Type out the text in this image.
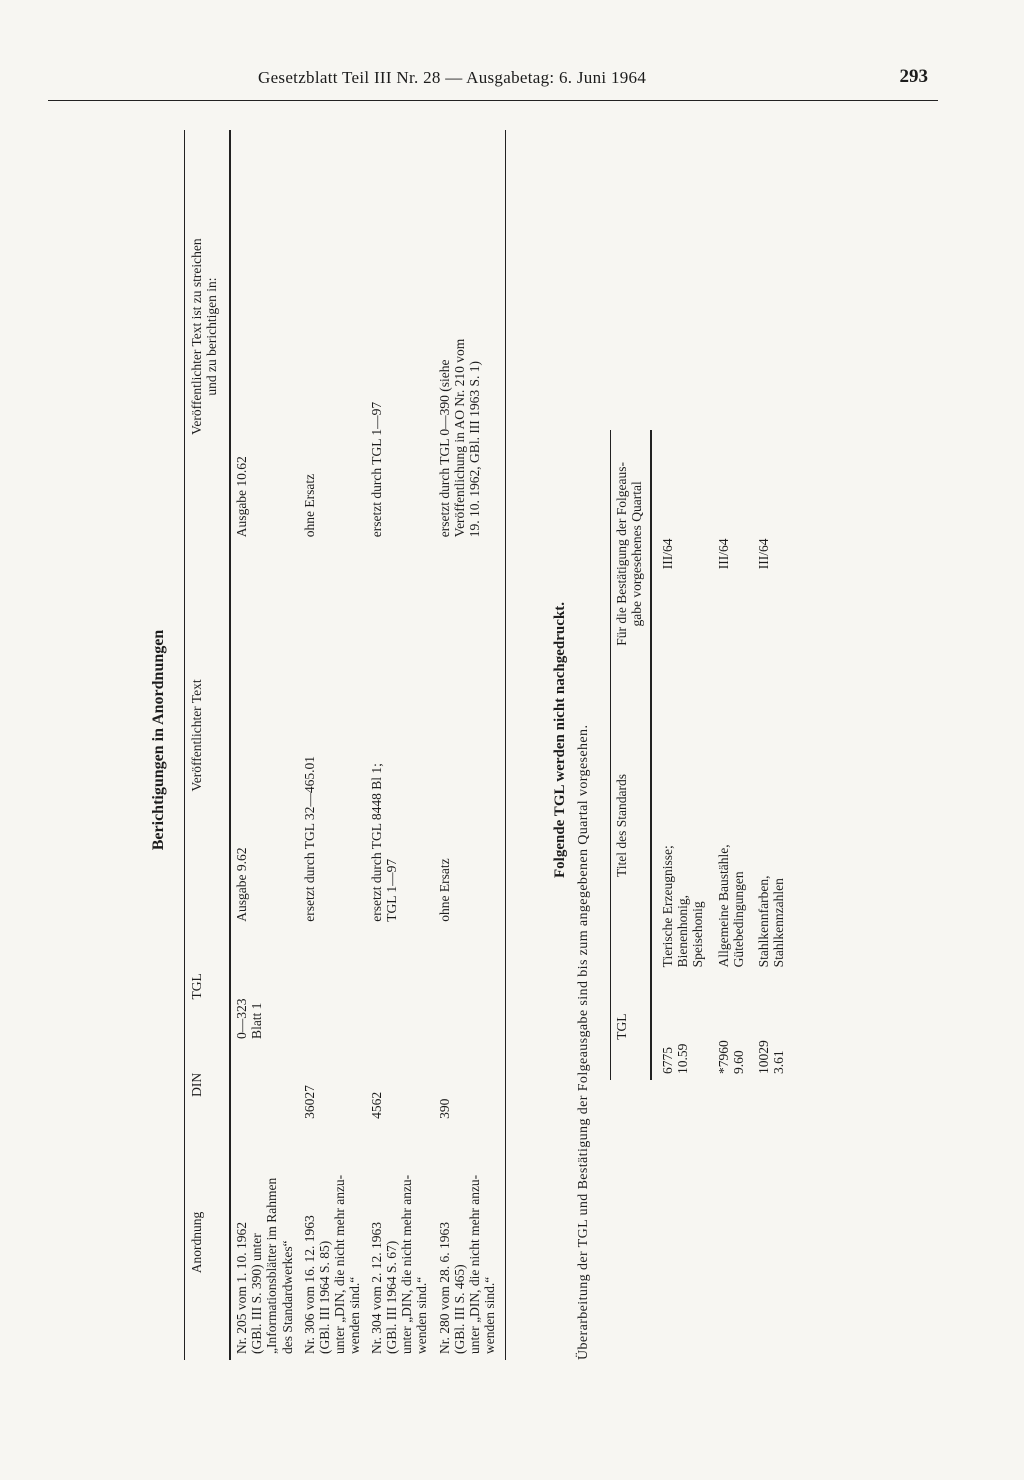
Gesetzblatt Teil III Nr. 28 — Ausgabetag: 6. Juni 1964	293
Berichtigungen in Anordnungen
Anordnung	DIN	TGL	Veröffentlichter Text	Veröffentlichter Text ist zu streichen und zu berichtigen in:

Nr. 205 vom 1. 10. 1962 (GBl. III S. 390) unter „Informationsblätter im Rahmen des Standardwerkes“		0—323 Blatt 1	Ausgabe 9.62	Ausgabe 10.62

Nr. 306 vom 16. 12. 1963 (GBl. III 1964 S. 85) unter „DIN, die nicht mehr anzu- wenden sind.“	36027		ersetzt durch TGL 32—465.01	ohne Ersatz

Nr. 304 vom 2. 12. 1963 (GBl. III 1964 S. 67) unter „DIN, die nicht mehr anzu- wenden sind.“	4562		ersetzt durch TGL 8448 Bl 1; TGL 1—97	ersetzt durch TGL 1—97

Nr. 280 vom 28. 6. 1963 (GBl. III S. 465) unter „DIN, die nicht mehr anzu- wenden sind.“	390		ohne Ersatz	ersetzt durch TGL 0—390 (siehe Veröffentlichung in AO Nr. 210 vom 19. 10. 1962, GBl. III 1963 S. 1)
Folgende TGL werden nicht nachgedruckt. Überarbeitung der TGL und Bestätigung der Folgeausgabe sind bis zum angegebenen Quartal vorgesehen. TGL	Titel des Standards	Für die Bestätigung der Folgeaus- gabe vorgesehenes Quartal

6775 10.59	Tierische Erzeugnisse; Bienenhonig, Speisehonig	III/64

*7960 9.60	Allgemeine Baustähle, Gütebedingungen	III/64

10029 3.61	Stahlkennfarben, Stahlkennzahlen	III/64
